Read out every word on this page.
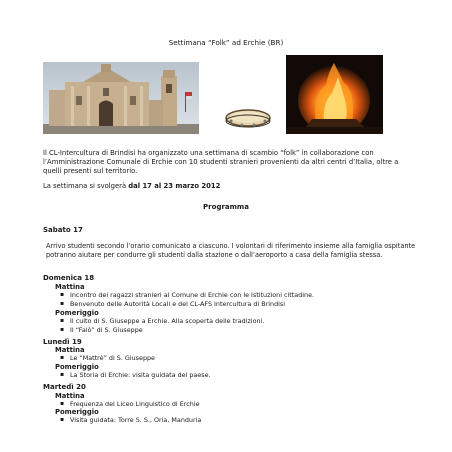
Settimana “Folk” ad Erchie (BR)
Il CL-Intercultura di Brindisi ha organizzato una settimana di scambio “folk” in collaborazione con l’Amministrazione Comunale di Erchie con 10 studenti stranieri provenienti da altri centri d’Italia, oltre a quelli presenti sul territorio.
La settimana si svolgerà dal 17 al 23 marzo 2012
Programma
Sabato 17
Arrivo studenti secondo l’orario comunicato a ciascuno. I volontari di riferimento insieme alla famiglia ospitante potranno aiutare per condurre gli studenti dalla stazione o dall’aeroporto a casa della famiglia stessa.
Domenica 18
Mattina
▪ Incontro dei ragazzi stranieri al Comune di Erchie con le Istituzioni cittadine.
▪ Benvenuto delle Autorità Locali e del CL-AFS Intercultura di Brindisi
Pomeriggio
▪ Il culto di S. Giuseppe a Erchie. Alla scoperta delle tradizioni.
▪ Il “Falò” di S. Giuseppe
Lunedì 19
Mattina
▪ Le “Mattrè” di S. Giuseppe
Pomeriggio
▪ La Storia di Erchie: visita guidata del paese.
Martedì 20
Mattina
▪ Frequenza del Liceo Linguistico di Erchie
Pomeriggio
▪ Visita guidata: Torre S. S., Oria, Manduria
